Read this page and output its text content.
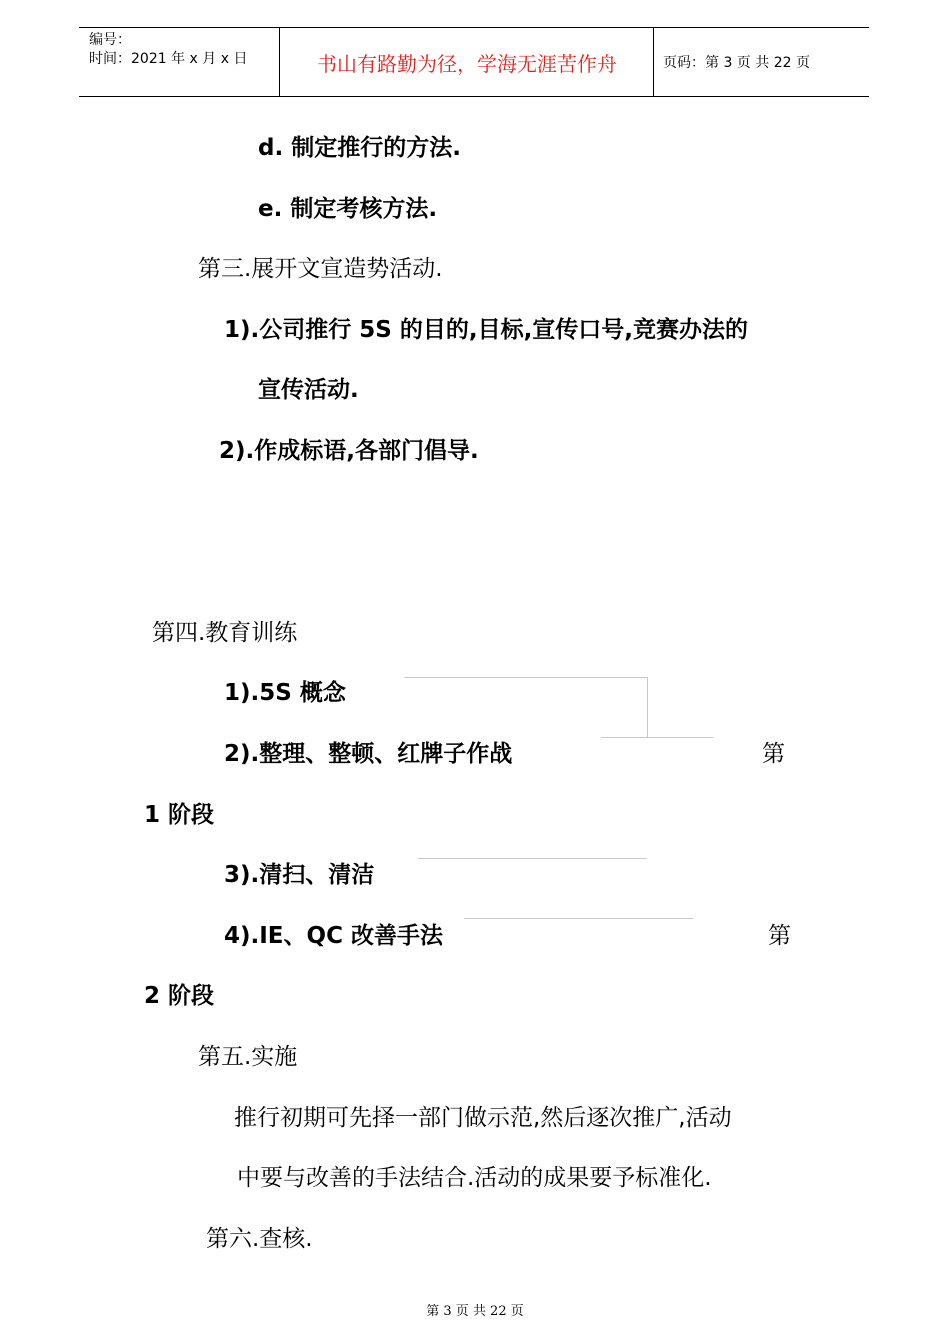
编号：
时间：2021 年 x 月 x 日	书山有路勤为径，学海无涯苦作舟	页码：第 3 页 共 22 页
d. 制定推行的方法.
e. 制定考核方法.
第三.展开文宣造势活动.
1).公司推行 5S 的目的,目标,宣传口号,竞赛办法的
宣传活动.
2).作成标语,各部门倡导.
第四.教育训练
1).5S 概念
2).整理、整顿、红牌子作战	第
1 阶段
3).清扫、清洁
4).IE、QC 改善手法	第
2 阶段
第五.实施
推行初期可先择一部门做示范,然后逐次推广,活动
中要与改善的手法结合.活动的成果要予标准化.
第六.查核.
第 3 页 共 22 页
